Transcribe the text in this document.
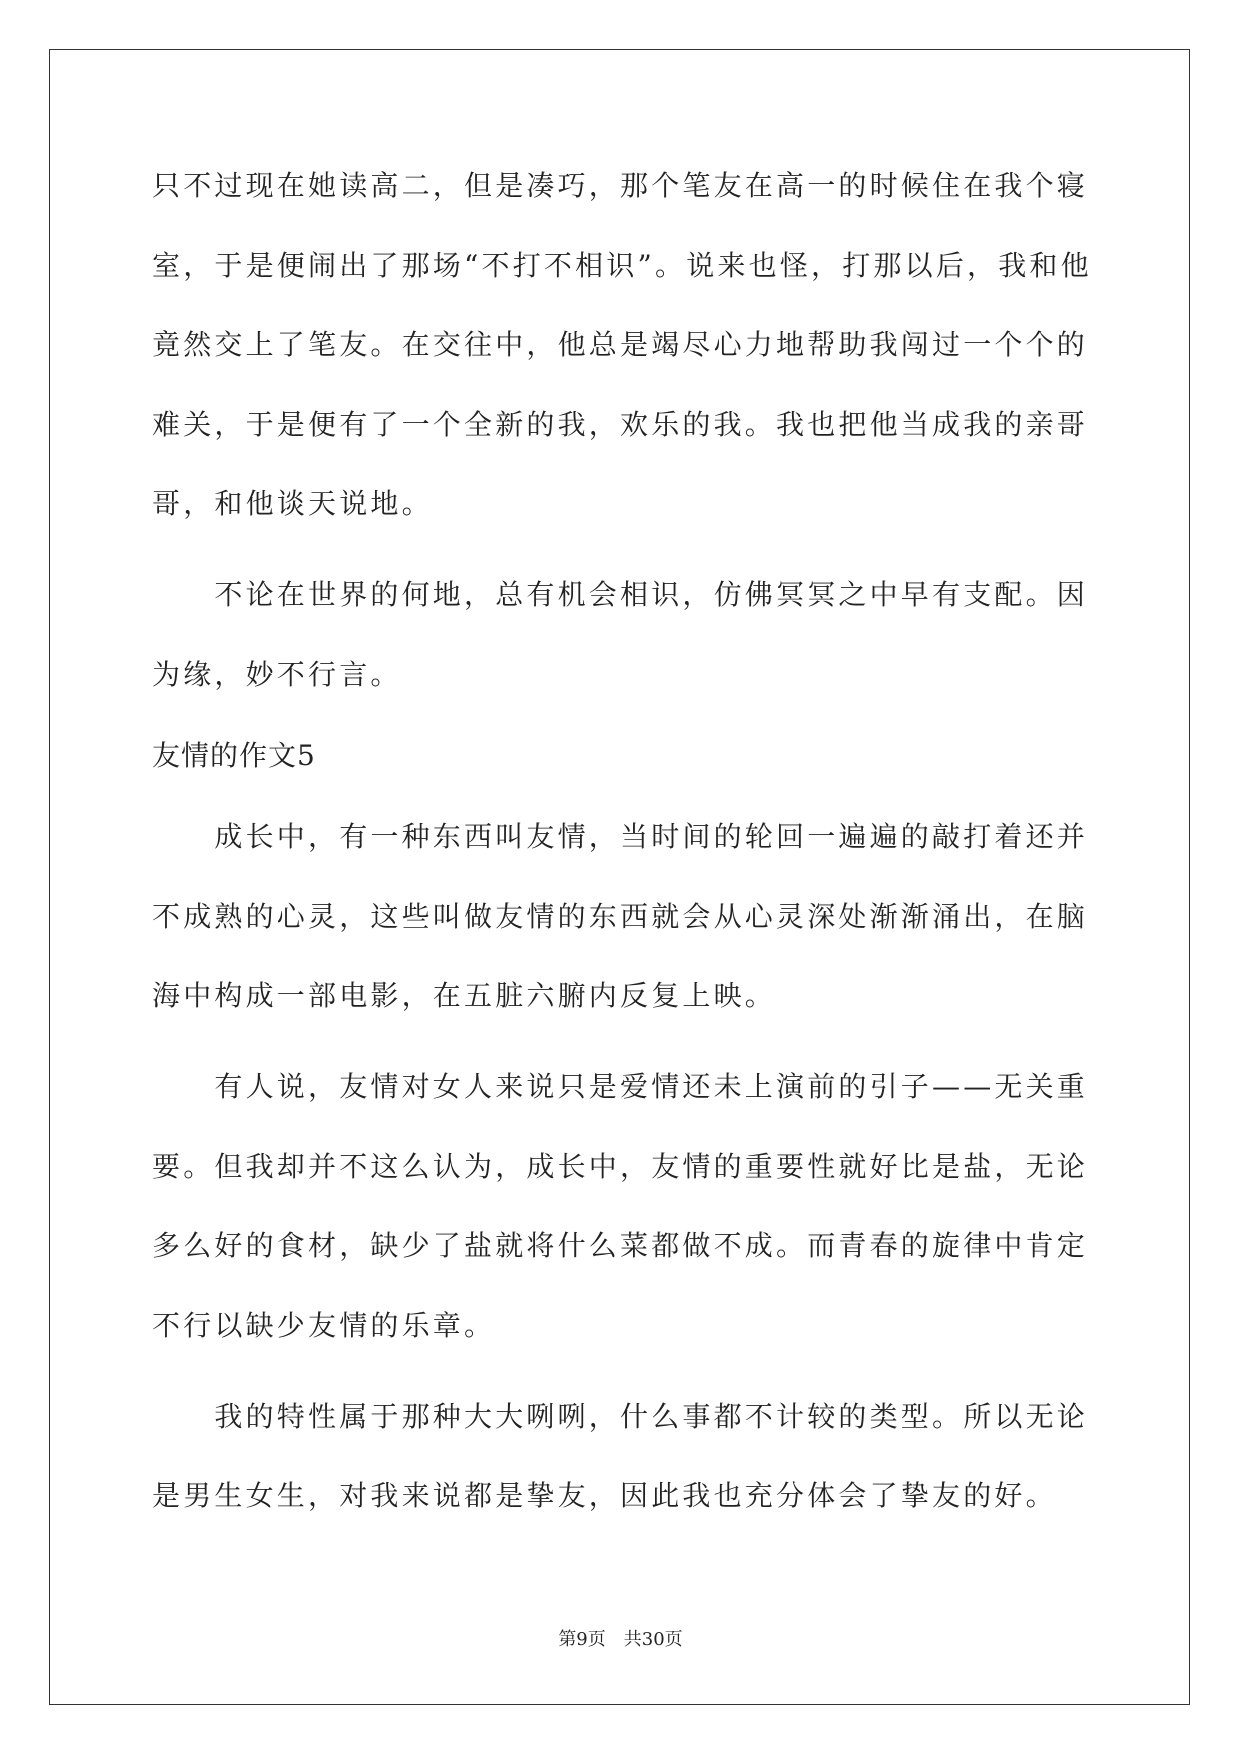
只不过现在她读高二，但是凑巧，那个笔友在高一的时候住在我个寝
室，于是便闹出了那场“不打不相识”。说来也怪，打那以后，我和他
竟然交上了笔友。在交往中，他总是竭尽心力地帮助我闯过一个个的
难关，于是便有了一个全新的我，欢乐的我。我也把他当成我的亲哥
哥，和他谈天说地。
　　不论在世界的何地，总有机会相识，仿佛冥冥之中早有支配。因
为缘，妙不行言。
友情的作文5
　　成长中，有一种东西叫友情，当时间的轮回一遍遍的敲打着还并
不成熟的心灵，这些叫做友情的东西就会从心灵深处渐渐涌出，在脑
海中构成一部电影，在五脏六腑内反复上映。
　　有人说，友情对女人来说只是爱情还未上演前的引子——无关重
要。但我却并不这么认为，成长中，友情的重要性就好比是盐，无论
多么好的食材，缺少了盐就将什么菜都做不成。而青春的旋律中肯定
不行以缺少友情的乐章。
　　我的特性属于那种大大咧咧，什么事都不计较的类型。所以无论
是男生女生，对我来说都是挚友，因此我也充分体会了挚友的好。
第9页　共30页
